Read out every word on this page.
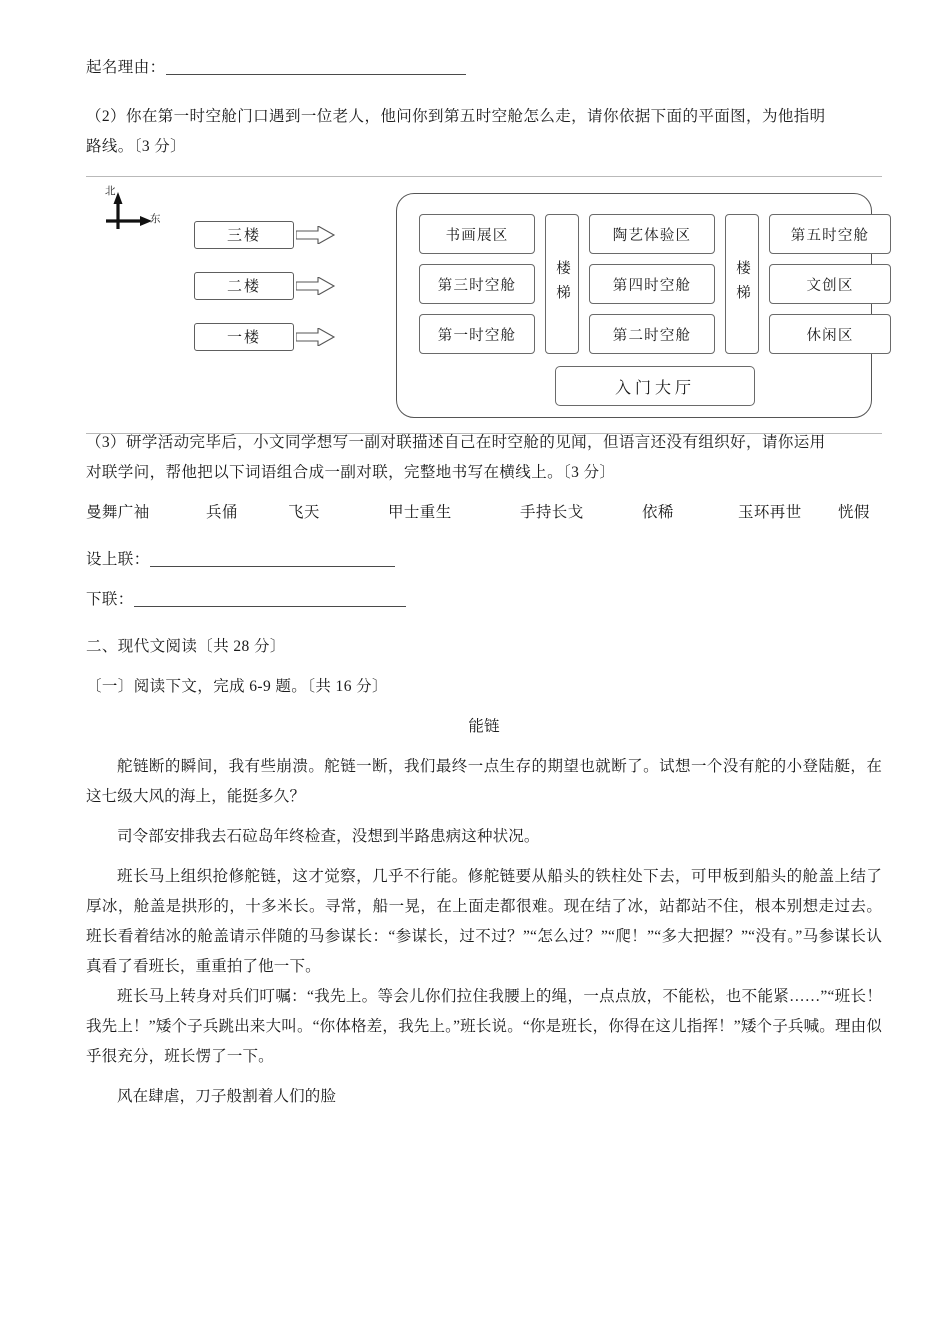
起名理由：
（2）你在第一时空舱门口遇到一位老人，他问你到第五时空舱怎么走，请你依据下面的平面图，为他指明
路线。〔3 分〕
北
东
三楼
二楼
一楼
书画展区
第三时空舱
第一时空舱
楼梯
陶艺体验区
第四时空舱
第二时空舱
楼梯
第五时空舱
文创区
休闲区
入门大厅
（3）研学活动完毕后，小文同学想写一副对联描述自己在时空舱的见闻，但语言还没有组织好，请你运用
对联学问，帮他把以下词语组合成一副对联，完整地书写在横线上。〔3 分〕
曼舞广袖	兵俑	飞天	甲士重生	手持长戈	依稀	玉环再世 恍假
设上联：
下联：
二、现代文阅读〔共 28 分〕
〔一〕阅读下文，完成 6-9 题。〔共 16 分〕
能链
舵链断的瞬间，我有些崩溃。舵链一断，我们最终一点生存的期望也就断了。试想一个没有舵的小登陆艇，在这七级大风的海上，能挺多久？
司令部安排我去石砬岛年终检查，没想到半路患病这种状况。
班长马上组织抢修舵链，这才觉察，几乎不行能。修舵链要从船头的铁柱处下去，可甲板到船头的舱盖上结了厚冰，舱盖是拱形的，十多米长。寻常，船一晃，在上面走都很难。现在结了冰，站都站不住，根本别想走过去。班长看着结冰的舱盖请示伴随的马参谋长：“参谋长，过不过？”“怎么过？”“爬！”“多大把握？”“没有。”马参谋长认真看了看班长，重重拍了他一下。
班长马上转身对兵们叮嘱：“我先上。等会儿你们拉住我腰上的绳，一点点放，不能松，也不能紧……”“班长！我先上！”矮个子兵跳出来大叫。“你体格差，我先上。”班长说。“你是班长，你得在这儿指挥！”矮个子兵喊。理由似乎很充分，班长愣了一下。
风在肆虐，刀子般割着人们的脸
